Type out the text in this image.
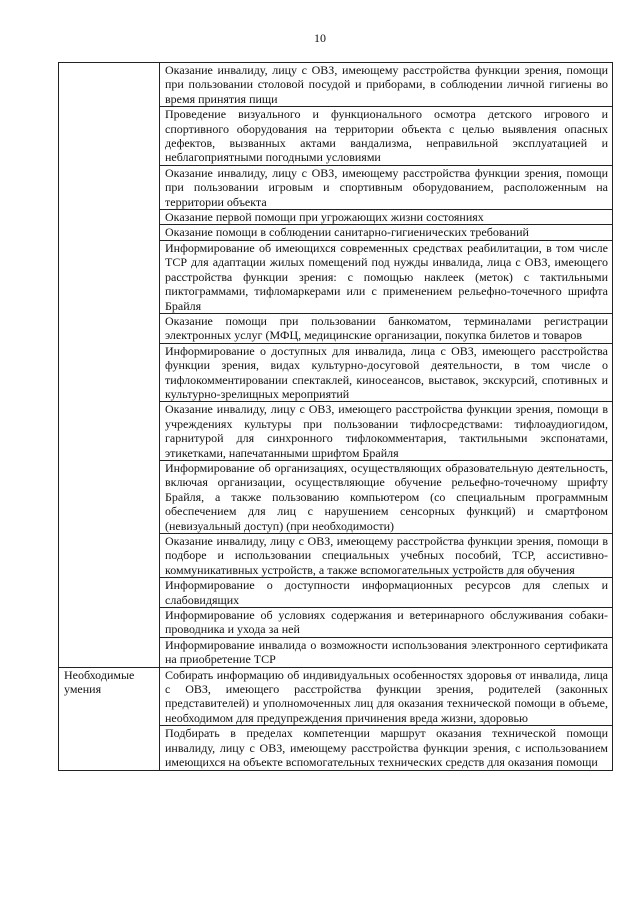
10
	Оказание инвалиду, лицу с ОВЗ, имеющему расстройства функции зрения, помощи при пользовании столовой посудой и приборами, в соблюдении личной гигиены во время принятия пищи
	Проведение визуального и функционального осмотра детского игрового и спортивного оборудования на территории объекта с целью выявления опасных дефектов, вызванных актами вандализма, неправильной эксплуатацией и неблагоприятными погодными условиями
	Оказание инвалиду, лицу с ОВЗ, имеющему расстройства функции зрения, помощи при пользовании игровым и спортивным оборудованием, расположенным на территории объекта
	Оказание первой помощи при угрожающих жизни состояниях
	Оказание помощи в соблюдении санитарно-гигиенических требований
	Информирование об имеющихся современных средствах реабилитации, в том числе ТСР для адаптации жилых помещений под нужды инвалида, лица с ОВЗ, имеющего расстройства функции зрения: с помощью наклеек (меток) с тактильными пиктограммами, тифломаркерами или с применением рельефно-точечного шрифта Брайля
	Оказание помощи при пользовании банкоматом, терминалами регистрации электронных услуг (МФЦ, медицинские организации, покупка билетов и товаров
	Информирование о доступных для инвалида, лица с ОВЗ, имеющего расстройства функции зрения, видах культурно-досуговой деятельности, в том числе о тифлокомментировании спектаклей, киносеансов, выставок, экскурсий, спотивных и культурно-зрелищных мероприятий
	Оказание инвалиду, лицу с ОВЗ, имеющего расстройства функции зрения, помощи в учреждениях культуры при пользовании тифлосредствами: тифлоаудиогидом, гарнитурой для синхронного тифлокомментария, тактильными экспонатами, этикетками, напечатанными шрифтом Брайля
	Информирование об организациях, осуществляющих образовательную деятельность, включая организации, осуществляющие обучение рельефно-точечному шрифту Брайля, а также пользованию компьютером (со специальным программным обеспечением для лиц с нарушением сенсорных функций) и смартфоном (невизуальный доступ) (при необходимости)
	Оказание инвалиду, лицу с ОВЗ, имеющему расстройства функции зрения, помощи в подборе и использовании специальных учебных пособий, ТСР, ассистивно-коммуникативных устройств, а также вспомогательных устройств для обучения
	Информирование о доступности информационных ресурсов для слепых и слабовидящих
	Информирование об условиях содержания и ветеринарного обслуживания собаки-проводника и ухода за ней
	Информирование инвалида о возможности использования электронного сертификата на приобретение ТСР
Необходимые умения	Собирать информацию об индивидуальных особенностях здоровья от инвалида, лица с ОВЗ, имеющего расстройства функции зрения, родителей (законных представителей) и уполномоченных лиц для оказания технической помощи в объеме, необходимом для предупреждения причинения вреда жизни, здоровью
	Подбирать в пределах компетенции маршрут оказания технической помощи инвалиду, лицу с ОВЗ, имеющему расстройства функции зрения, с использованием имеющихся на объекте вспомогательных технических средств для оказания помощи
